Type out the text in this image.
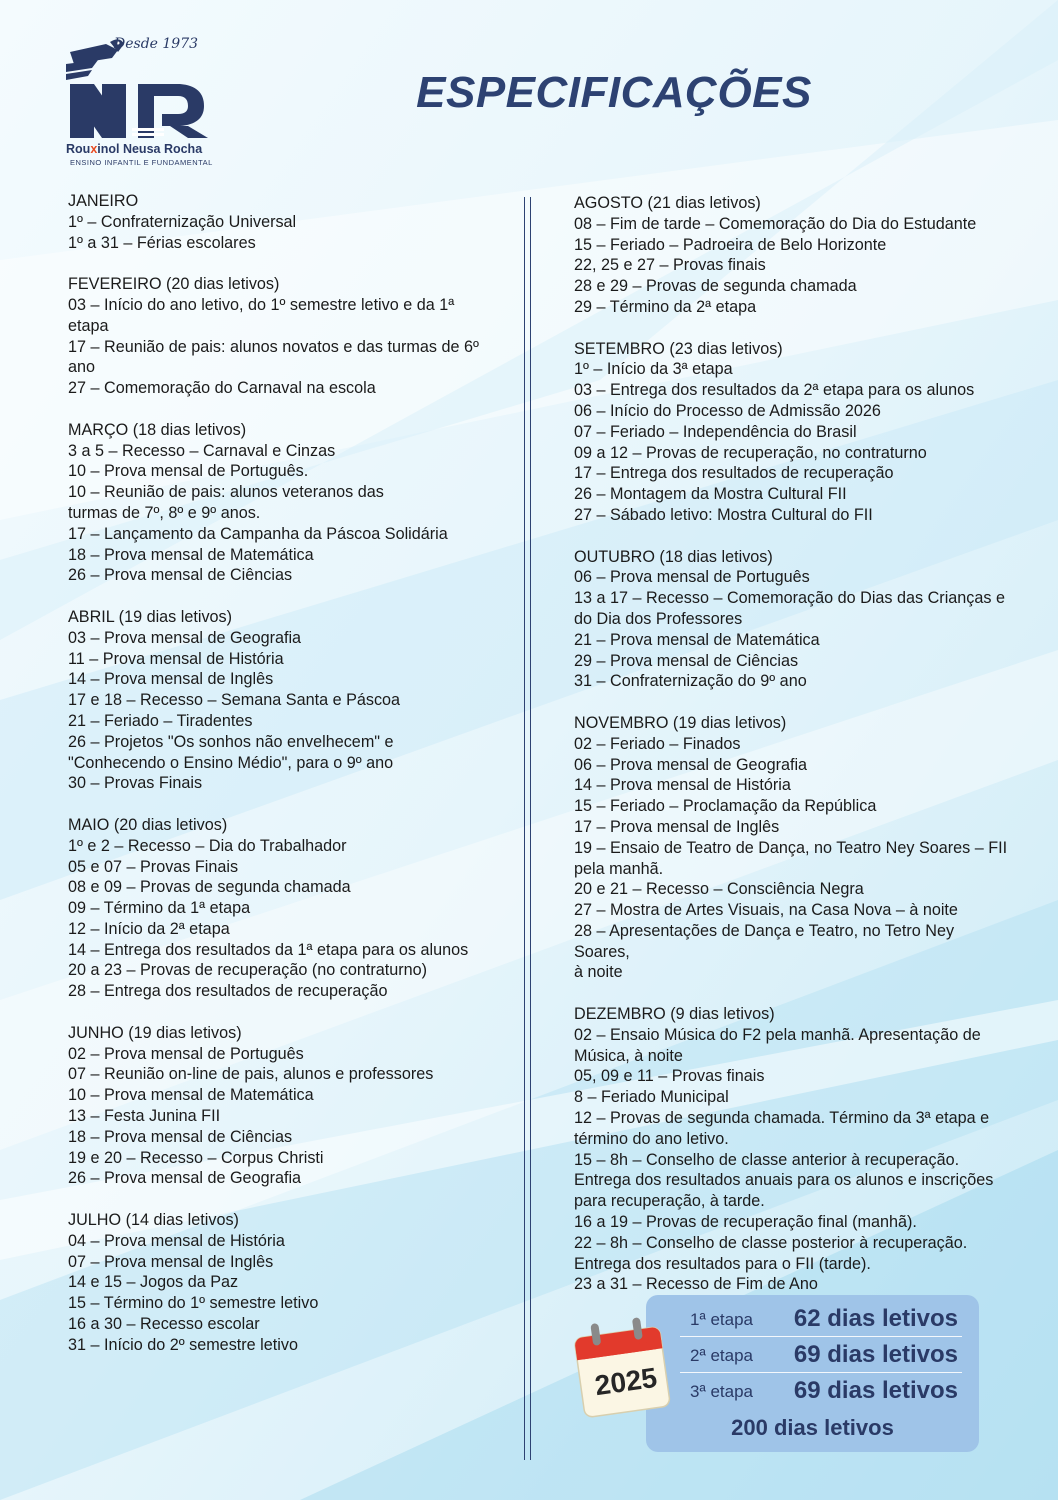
Desde 1973
Rouxinol Neusa Rocha
ENSINO INFANTIL E FUNDAMENTAL
ESPECIFICAÇÕES
JANEIRO
1º – Confraternização Universal
1º a 31 – Férias escolares
FEVEREIRO (20 dias letivos)
03 – Início do ano letivo, do 1º semestre letivo e da 1ª
etapa
17 – Reunião de pais: alunos novatos e das turmas de 6º
ano
27 – Comemoração do Carnaval na escola
MARÇO (18 dias letivos)
3 a 5 – Recesso – Carnaval e Cinzas
10 – Prova mensal de Português.
10 – Reunião de pais: alunos veteranos das
turmas de 7º, 8º e 9º anos.
17 – Lançamento da Campanha da Páscoa Solidária
18 – Prova mensal de Matemática
26 – Prova mensal de Ciências
ABRIL (19 dias letivos)
03 – Prova mensal de Geografia
11 – Prova mensal de História
14 – Prova mensal de Inglês
17 e 18 – Recesso – Semana Santa e Páscoa
21 – Feriado – Tiradentes
26 – Projetos "Os sonhos não envelhecem" e
"Conhecendo o Ensino Médio", para o 9º ano
30 – Provas Finais
MAIO (20 dias letivos)
1º e 2 – Recesso – Dia do Trabalhador
05 e 07 – Provas Finais
08 e 09 – Provas de segunda chamada
09 – Término da 1ª etapa
12 – Início da 2ª etapa
14 – Entrega dos resultados da 1ª etapa para os alunos
20 a 23 – Provas de recuperação (no contraturno)
28 – Entrega dos resultados de recuperação
JUNHO (19 dias letivos)
02 – Prova mensal de Português
07 – Reunião on-line de pais, alunos e professores
10 – Prova mensal de Matemática
13 – Festa Junina FII
18 – Prova mensal de Ciências
19 e 20 – Recesso – Corpus Christi
26 – Prova mensal de Geografia
JULHO (14 dias letivos)
04 – Prova mensal de História
07 – Prova mensal de Inglês
14 e 15 – Jogos da Paz
15 – Término do 1º semestre letivo
16 a 30 – Recesso escolar
31 – Início do 2º semestre letivo
AGOSTO (21 dias letivos)
08 – Fim de tarde – Comemoração do Dia do Estudante
15 – Feriado – Padroeira de Belo Horizonte
22, 25 e 27 – Provas finais
28 e 29 – Provas de segunda chamada
29 – Término da 2ª etapa
SETEMBRO (23 dias letivos)
1º – Início da 3ª etapa
03 – Entrega dos resultados da 2ª etapa para os alunos
06 – Início do Processo de Admissão 2026
07 – Feriado – Independência do Brasil
09 a 12 – Provas de recuperação, no contraturno
17 – Entrega dos resultados de recuperação
26 – Montagem da Mostra Cultural FII
27 – Sábado letivo: Mostra Cultural do FII
OUTUBRO (18 dias letivos)
06 – Prova mensal de Português
13 a 17 – Recesso – Comemoração do Dias das Crianças e
do Dia dos Professores
21 – Prova mensal de Matemática
29 – Prova mensal de Ciências
31 – Confraternização do 9º ano
NOVEMBRO (19 dias letivos)
02 – Feriado – Finados
06 – Prova mensal de Geografia
14 – Prova mensal de História
15 – Feriado – Proclamação da República
17 – Prova mensal de Inglês
19 – Ensaio de Teatro de Dança, no Teatro Ney Soares – FII
pela manhã.
20 e 21 – Recesso – Consciência Negra
27 – Mostra de Artes Visuais, na Casa Nova – à noite
28 – Apresentações de Dança e Teatro, no Tetro Ney Soares,
à noite
DEZEMBRO (9 dias letivos)
02 – Ensaio Música do F2 pela manhã. Apresentação de
Música, à noite
05, 09 e 11 – Provas finais
8 – Feriado Municipal
12 – Provas de segunda chamada. Término da 3ª etapa e
término do ano letivo.
15 – 8h – Conselho de classe anterior à recuperação.
Entrega dos resultados anuais para os alunos e inscrições
para recuperação, à tarde.
16 a 19 – Provas de recuperação final (manhã).
22 – 8h – Conselho de classe posterior à recuperação.
Entrega dos resultados para o FII (tarde).
23 a 31 – Recesso de Fim de Ano
1ª etapa 62 dias letivos
2ª etapa 69 dias letivos
3ª etapa 69 dias letivos
200 dias letivos
2025
